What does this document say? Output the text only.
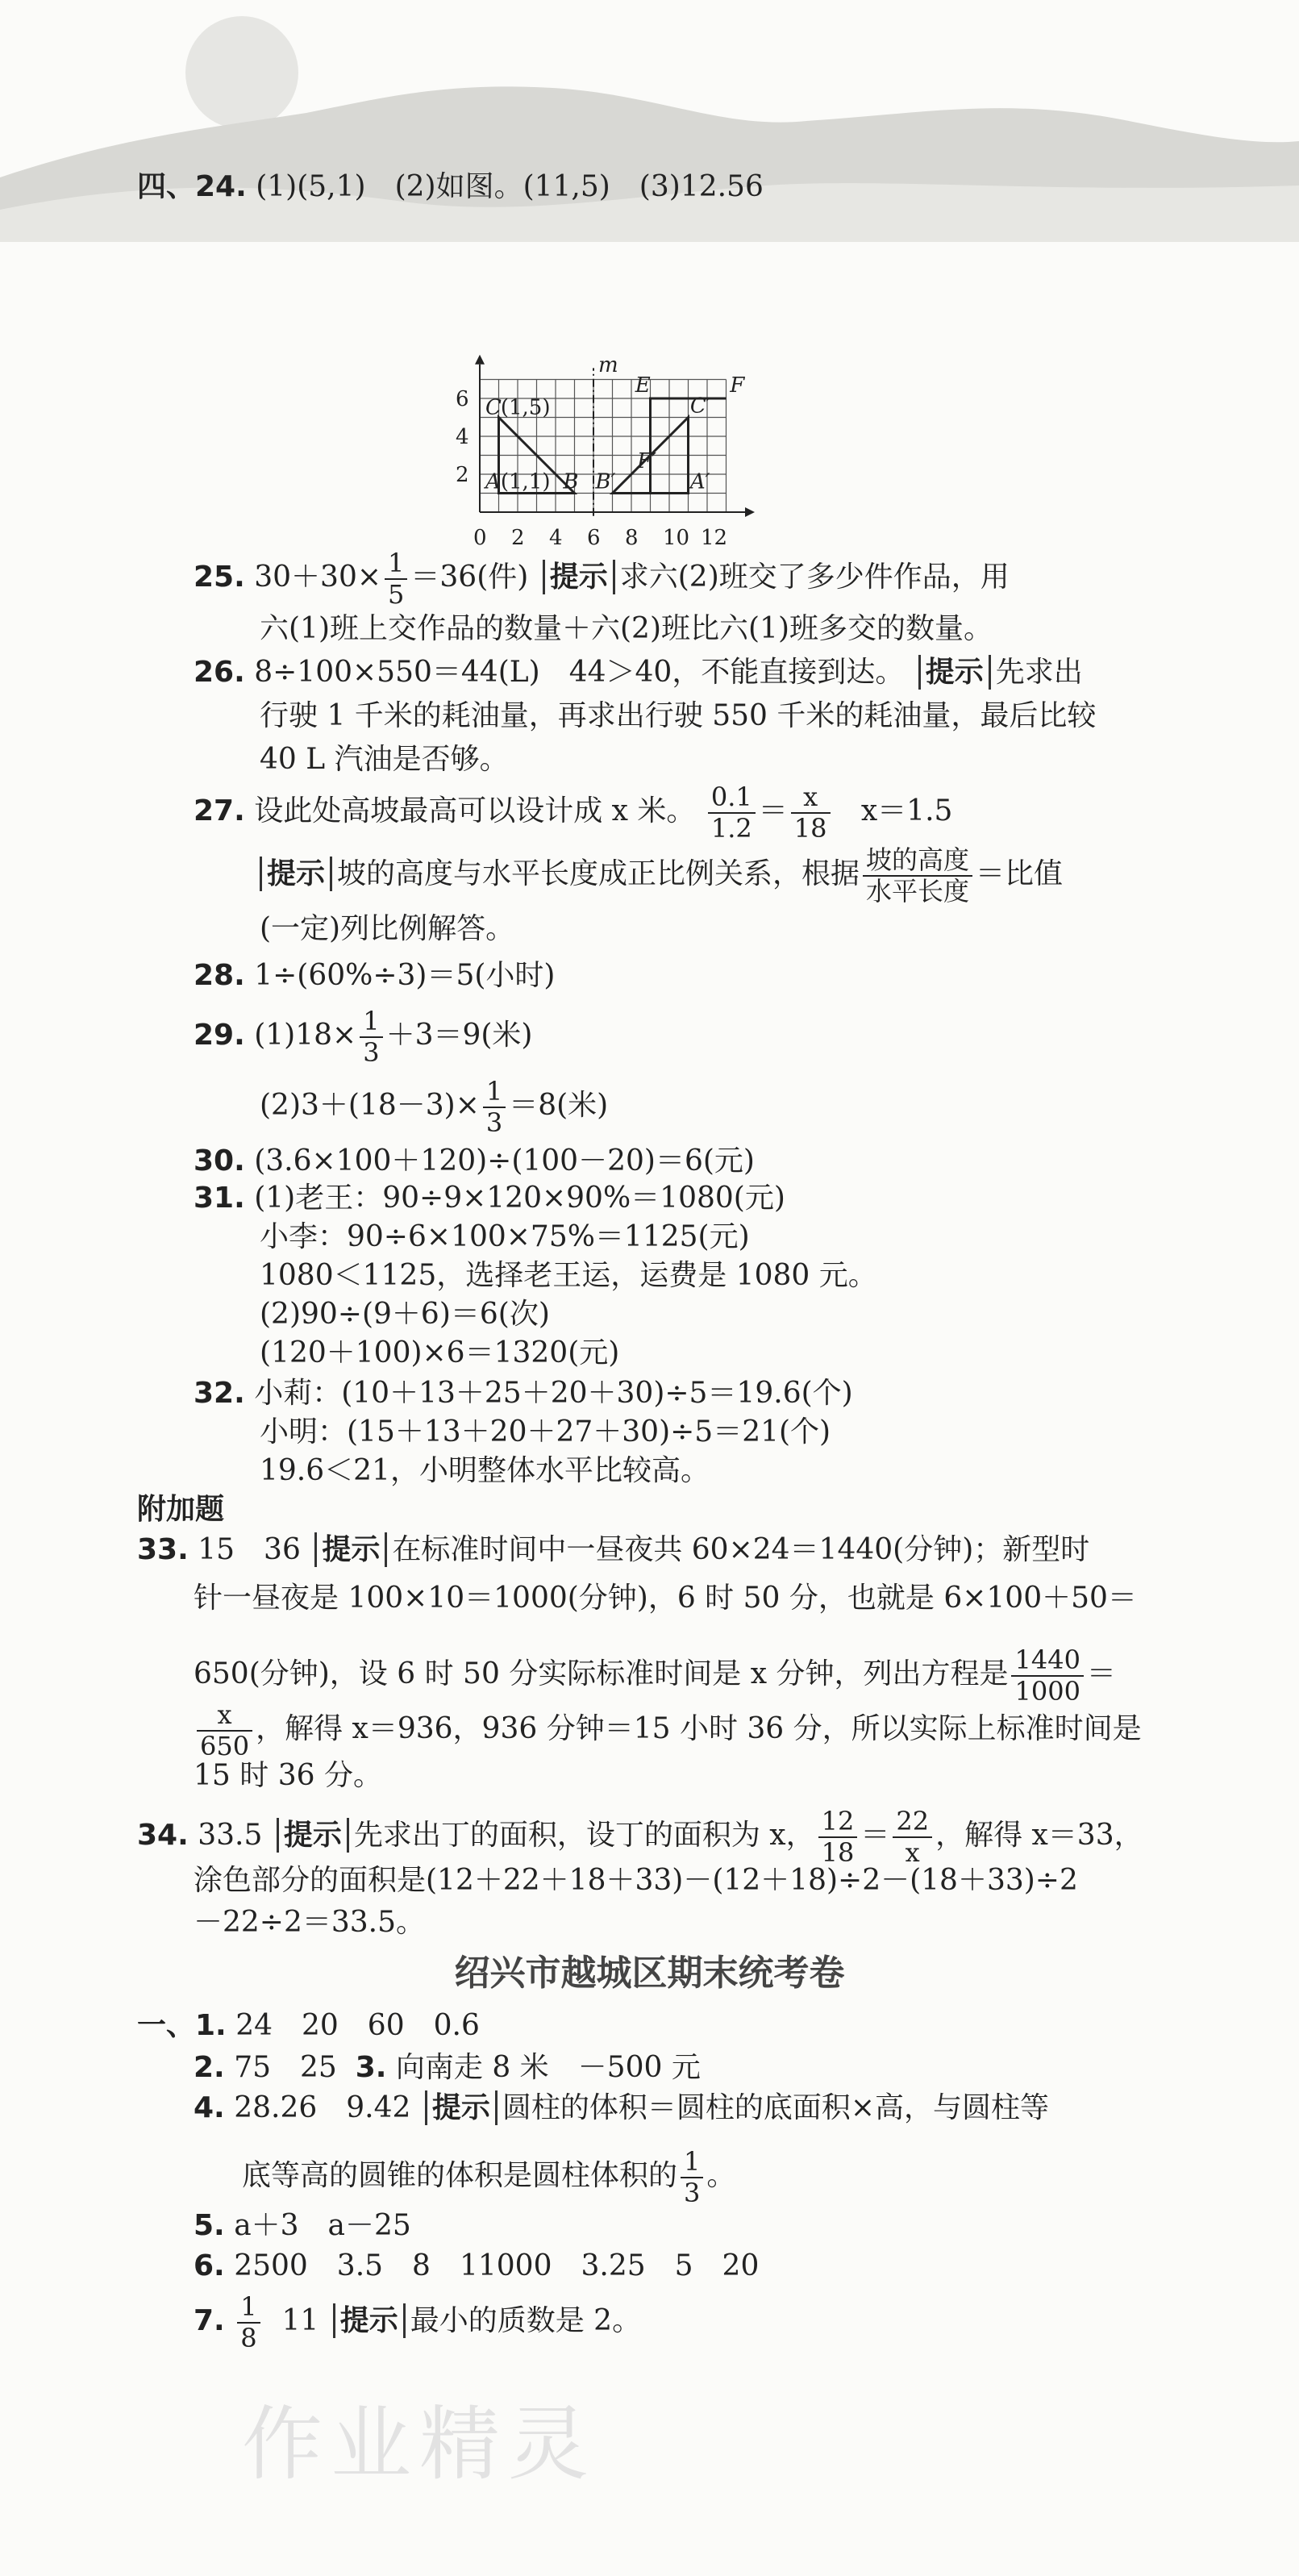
四、24. (1)(5,1)　(2)如图。(11,5)　(3)12.56
m
0 2 4 6 8 10 12
2
4
6
A (1,1) B
C
(1,5)
B′	A′
C′
E	F
F′
25. $30+30\times \frac{1}{5} =36$(件) 提示 求六(2)班交了多少件作品，用
六(1)班上交作品的数量＋六(2)班比六(1)班多交的数量。
26. 8÷100×550＝44(L)　44＞40，不能直接到达。 提示 先求出
行驶 1 千米的耗油量，再求出行驶 550 千米的耗油量，最后比较
40 L 汽油是否够。
27. 设此处高坡最高可以设计成 x 米。 $\frac{0.1}{1.2} = \frac{x}{18} x=1.5$
提示 坡的高度与水平长度成正比例关系，根据 $\frac{\text{坡的高度}}{\text{水平长度}}$ ＝比值
(一定)列比例解答。
28. 1÷(60%÷3)＝5(小时)
29. $(1)18\times \frac{1}{3} +3=9$(米)
$(2)3+(18-3)\times \frac{1}{3} =8$(米)
30. (3.6×100＋120)÷(100－20)＝6(元)
31. (1)老王：90÷9×120×90%＝1080(元)
小李：90÷6×100×75%＝1125(元)
1080＜1125，选择老王运，运费是 1080 元。
(2)90÷(9＋6)＝6(次)
(120＋100)×6＝1320(元)
32. 小莉：(10＋13＋25＋20＋30)÷5＝19.6(个)
小明：(15＋13＋20＋27＋30)÷5＝21(个)
19.6＜21，小明整体水平比较高。
附加题
33. 15　36 提示 在标准时间中一昼夜共 60×24＝1440(分钟)；新型时
针一昼夜是 100×10＝1000(分钟)，6 时 50 分，也就是 6×100＋50＝
650(分钟)，设 6 时 50 分实际标准时间是 x 分钟，列出方程是 $\frac{1440}{1000}$ ＝
$\frac{x}{650}$ ，解得 x＝936，936 分钟＝15 小时 36 分，所以实际上标准时间是
15 时 36 分。
34. 33.5 提示 先求出丁的面积，设丁的面积为 x， $\frac{12}{18} = \frac{22}{x}$ ，解得 x＝33，
涂色部分的面积是(12＋22＋18＋33)－(12＋18)÷2－(18＋33)÷2
－22÷2＝33.5。
绍兴市越城区期末统考卷
一、1. 24　20　60　0.6
2. 75　25 3. 向南走 8 米　－500 元
4. 28.26　9.42 提示 圆柱的体积＝圆柱的底面积×高，与圆柱等
底等高的圆锥的体积是圆柱体积的 $\frac{1}{3}$ 。
5. a＋3　a－25
6. 2500　3.5　8　11000　3.25　5　20
7. $\frac{1}{8} 11$ 提示 最小的质数是 2。
作业精灵
